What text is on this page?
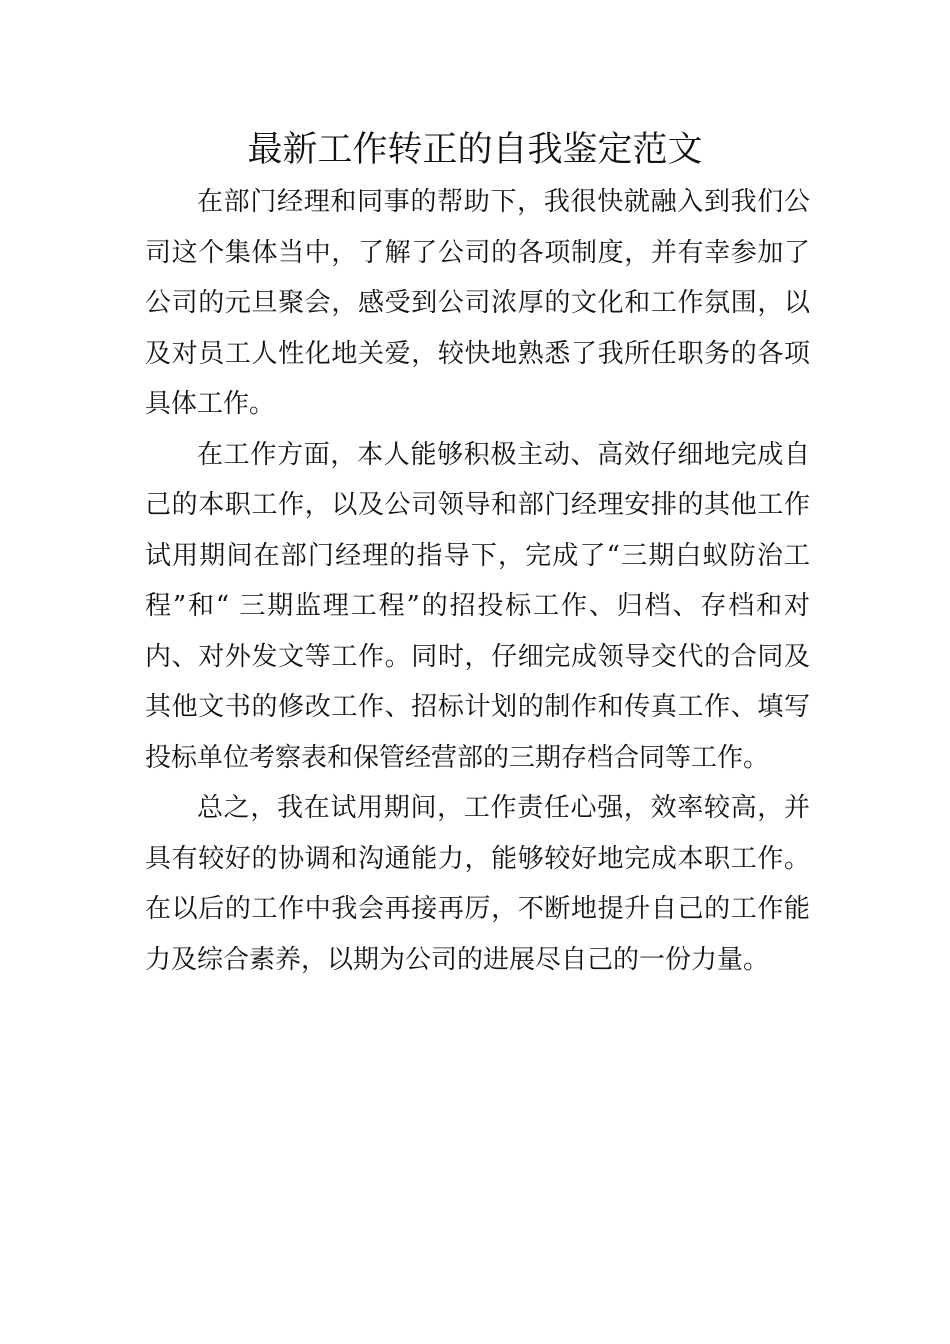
最新工作转正的自我鉴定范文

在部门经理和同事的帮助下，我很快就融入到我们公司这个集体当中，了解了公司的各项制度，并有幸参加了公司的元旦聚会，感受到公司浓厚的文化和工作氛围，以及对员工人性化地关爱，较快地熟悉了我所任职务的各项具体工作。

在工作方面，本人能够积极主动、高效仔细地完成自己的本职工作，以及公司领导和部门经理安排的其他工作试用期间在部门经理的指导下，完成了“三期白蚁防治工程”和“ 三期监理工程”的招投标工作、归档、存档和对内、对外发文等工作。同时，仔细完成领导交代的合同及其他文书的修改工作、招标计划的制作和传真工作、填写投标单位考察表和保管经营部的三期存档合同等工作。

总之，我在试用期间，工作责任心强，效率较高，并具有较好的协调和沟通能力，能够较好地完成本职工作。在以后的工作中我会再接再厉，不断地提升自己的工作能力及综合素养，以期为公司的进展尽自己的一份力量。
